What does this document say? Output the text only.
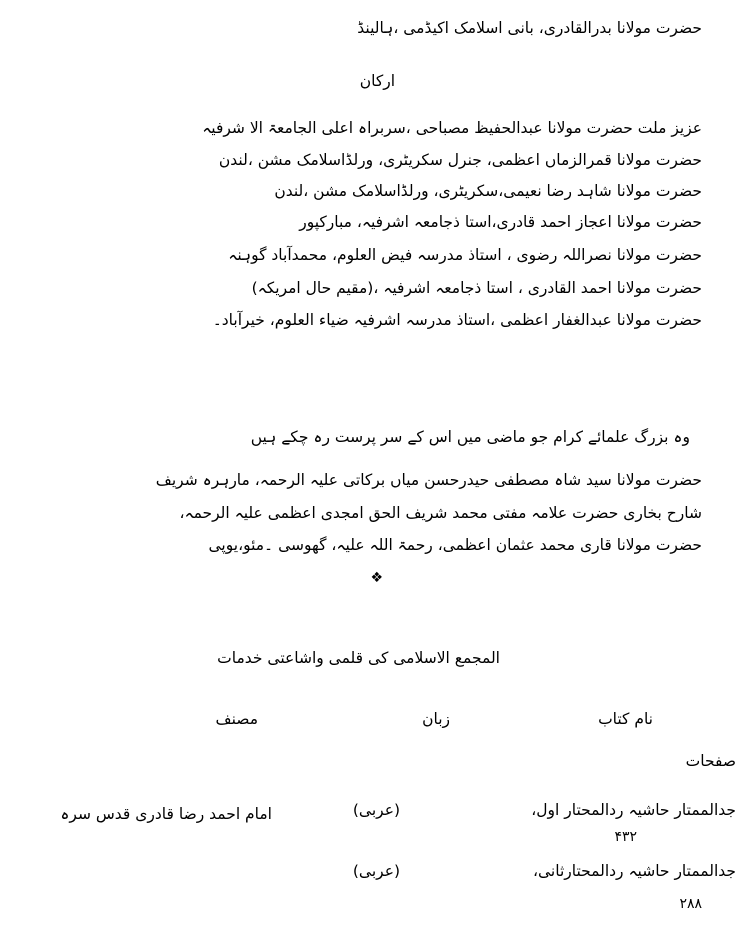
حضرت مولانا بدرالقادری، بانی اسلامک اکیڈمی ،ہالینڈ
ارکان
عزیز ملت حضرت مولانا عبدالحفیظ مصباحی ،سربراہ اعلی الجامعۃ الا شرفیہ
حضرت مولانا قمرالزماں اعظمی، جنرل سکریٹری، ورلڈاسلامک مشن ،لندن
حضرت مولانا شاہد رضا نعیمی،سکریٹری، ورلڈاسلامک مشن ،لندن
حضرت مولانا اعجاز احمد قادری،استا ذجامعہ اشرفیہ، مبارکپور
حضرت مولانا نصراللہ رضوی ، استاذ مدرسہ فیض العلوم، محمدآباد گوہنہ
حضرت مولانا احمد القادری ، استا ذجامعہ اشرفیہ ،(مقیم حال امریکہ)
حضرت مولانا عبدالغفار اعظمی ،استاذ مدرسہ اشرفیہ ضیاء العلوم، خیرآباد۔
وہ بزرگ علمائے کرام جو ماضی میں اس کے سر پرست رہ چکے ہیں
حضرت مولانا سید شاہ مصطفی حیدرحسن میاں برکاتی علیہ الرحمہ، مارہرہ شریف
شارح بخاری حضرت علامہ مفتی محمد شریف الحق امجدی اعظمی علیہ الرحمہ،
حضرت مولانا قاری محمد عثمان اعظمی، رحمۃ اللہ علیہ، گھوسی ۔مئو،یوپی
❖
المجمع الاسلامی کی قلمی واشاعتی خدمات
نام کتاب
زبان
مصنف
صفحات
جدالممتار حاشیہ ردالمحتار اول،
(عربی)
امام احمد رضا قادری قدس سرہ
۴۳۲
جدالممتار حاشیہ ردالمحتارثانی،
(عربی)
۲۸۸
